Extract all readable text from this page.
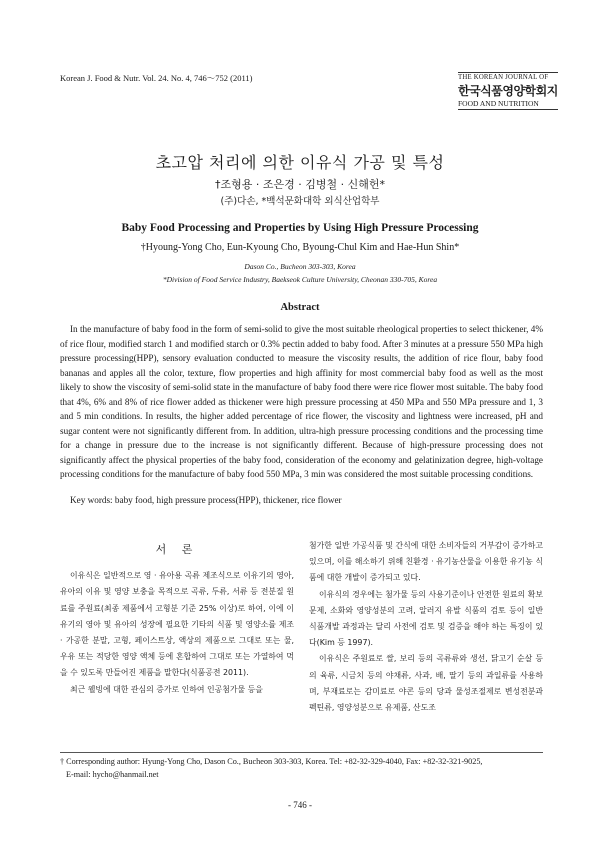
Korean J. Food & Nutr. Vol. 24. No. 4, 746～752 (2011)	THE KOREAN JOURNAL OF
한국식품영양학회지
FOOD AND NUTRITION
초고압 처리에 의한 이유식 가공 및 특성
†조형용 · 조은경 · 김병철 · 신해헌*
(주)다손, *백석문화대학 외식산업학부
Baby Food Processing and Properties by Using High Pressure Processing
†Hyoung-Yong Cho, Eun-Kyoung Cho, Byoung-Chul Kim and Hae-Hun Shin*
Dason Co., Bucheon 303-303, Korea
*Division of Food Service Industry, Baekseok Culture University, Cheonan 330-705, Korea
Abstract
In the manufacture of baby food in the form of semi-solid to give the most suitable rheological properties to select thickener, 4% of rice flour, modified starch 1 and modified starch or 0.3% pectin added to baby food. After 3 minutes at a pressure 550 MPa high pressure processing(HPP), sensory evaluation conducted to measure the viscosity results, the addition of rice flour, baby food bananas and apples all the color, texture, flow properties and high affinity for most commercial baby food as well as the most likely to show the viscosity of semi-solid state in the manufacture of baby food there were rice flower most suitable. The baby food that 4%, 6% and 8% of rice flower added as thickener were high pressure processing at 450 MPa and 550 MPa pressure and 1, 3 and 5 min conditions. In results, the higher added percentage of rice flower, the viscosity and lightness were increased, pH and sugar content were not significantly different from. In addition, ultra-high pressure processing conditions and the processing time for a change in pressure due to the increase is not significantly different. Because of high-pressure processing does not significantly affect the physical properties of the baby food, consideration of the economy and gelatinization degree, high-voltage processing conditions for the manufacture of baby food 550 MPa, 3 min was considered the most suitable processing conditions.
Key words: baby food, high pressure process(HPP), thickener, rice flower
서 론

이유식은 일반적으로 영 · 유아용 곡류 제조식으로 이유기의 영아, 유아의 이유 및 영양 보충을 목적으로 곡류, 두류, 서류 등 전분질 원료를 주원료(최종 제품에서 고형분 기준 25% 이상)로 하여, 이에 이유기의 영아 및 유아의 성장에 필요한 기타의 식품 및 영양소를 제조 · 가공한 분말, 고형, 페이스트상, 액상의 제품으로 그대로 또는 물, 우유 또는 적당한 영양 액체 등에 혼합하여 그대로 또는 가열하여 먹을 수 있도록 만들어진 제품을 말한다(식품공전 2011).

최근 웰빙에 대한 관심의 증가로 인하여 인공첨가물 등을

첨가한 일반 가공식품 및 간식에 대한 소비자들의 거부감이 증가하고 있으며, 이를 해소하기 위해 친환경 · 유기농산물을 이용한 유기농 식품에 대한 개발이 증가되고 있다.

이유식의 경우에는 첨가물 등의 사용기준이나 안전한 원료의 확보문제, 소화와 영양성분의 고려, 알러지 유발 식품의 검토 등이 일반 식품개발 과정과는 달리 사전에 검토 및 검증을 해야 하는 특징이 있다(Kim 등 1997).

이유식은 주원료로 쌀, 보리 등의 곡류류와 생선, 닭고기 순살 등의 육류, 시금치 등의 야채류, 사과, 배, 딸기 등의 과일류를 사용하며, 부재료로는 감미료로 야콘 등의 당과 물성조절제로 변성전분과 펙틴류, 영양성분으로 유제품, 산도조

† Corresponding author: Hyung-Yong Cho, Dason Co., Bucheon 303-303, Korea. Tel: +82-32-329-4040, Fax: +82-32-321-9025,
E-mail: hycho@hanmail.net
- 746 -
